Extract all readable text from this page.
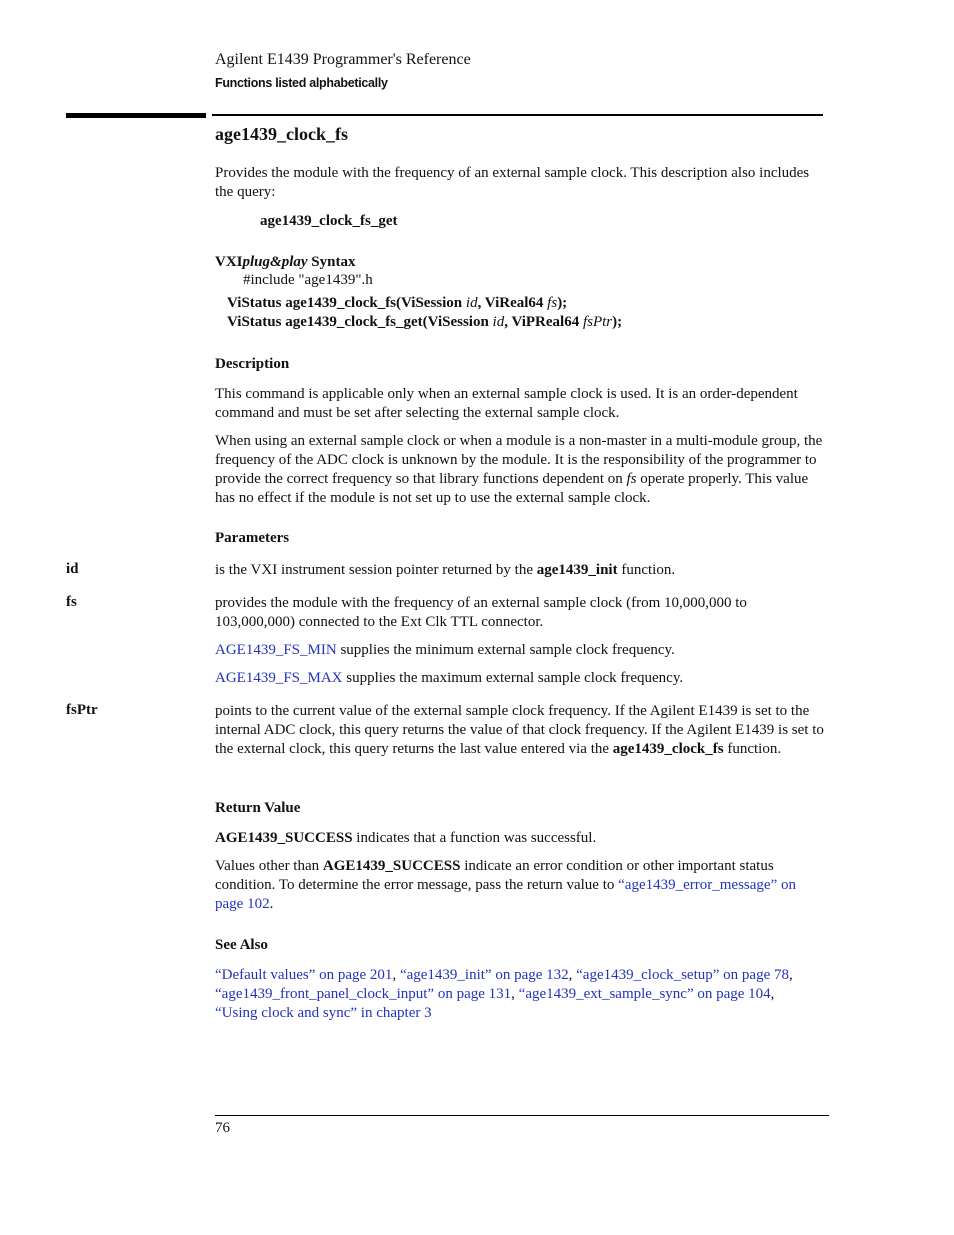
Agilent E1439 Programmer's Reference
Functions listed alphabetically
age1439_clock_fs
Provides the module with the frequency of an external sample clock. This description also includes the query:
age1439_clock_fs_get
VXIplug&play Syntax
#include "age1439".h
ViStatus age1439_clock_fs(ViSession id, ViReal64 fs);
ViStatus age1439_clock_fs_get(ViSession id, ViPReal64 fsPtr);
Description
This command is applicable only when an external sample clock is used. It is an order-dependent command and must be set after selecting the external sample clock.
When using an external sample clock or when a module is a non-master in a multi-module group, the frequency of the ADC clock is unknown by the module. It is the responsibility of the programmer to provide the correct frequency so that library functions dependent on fs operate properly. This value has no effect if the module is not set up to use the external sample clock.
Parameters
id	is the VXI instrument session pointer returned by the age1439_init function.
fs	provides the module with the frequency of an external sample clock (from 10,000,000 to 103,000,000) connected to the Ext Clk TTL connector.
AGE1439_FS_MIN supplies the minimum external sample clock frequency.
AGE1439_FS_MAX supplies the maximum external sample clock frequency.
fsPtr	points to the current value of the external sample clock frequency. If the Agilent E1439 is set to the internal ADC clock, this query returns the value of that clock frequency. If the Agilent E1439 is set to the external clock, this query returns the last value entered via the age1439_clock_fs function.
Return Value
AGE1439_SUCCESS indicates that a function was successful.
Values other than AGE1439_SUCCESS indicate an error condition or other important status condition. To determine the error message, pass the return value to “age1439_error_message” on page 102.
See Also
“Default values” on page 201, “age1439_init” on page 132, “age1439_clock_setup” on page 78,
“age1439_front_panel_clock_input” on page 131, “age1439_ext_sample_sync” on page 104,
“Using clock and sync” in chapter 3
76
